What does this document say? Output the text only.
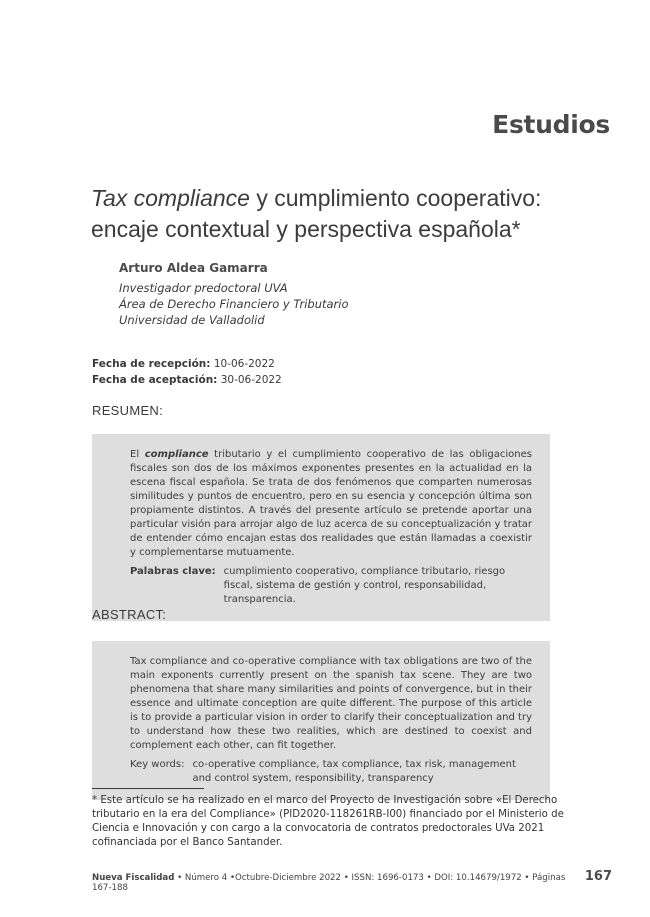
Estudios
Tax compliance y cumplimiento cooperativo:
encaje contextual y perspectiva española*
Arturo Aldea Gamarra
Investigador predoctoral UVA
Área de Derecho Financiero y Tributario
Universidad de Valladolid
Fecha de recepción: 10-06-2022
Fecha de aceptación: 30-06-2022
RESUMEN:

El compliance tributario y el cumplimiento cooperativo de las obligaciones fiscales son dos de los máximos exponentes presentes en la actualidad en la escena fiscal española. Se trata de dos fenómenos que comparten numerosas similitudes y puntos de encuentro, pero en su esencia y concepción última son propiamente distintos. A través del presente artículo se pretende aportar una particular visión para arrojar algo de luz acerca de su conceptualización y tratar de entender cómo encajan estas dos realidades que están llamadas a coexistir y complementarse mutuamente.

Palabras clave: cumplimiento cooperativo, compliance tributario, riesgo fiscal, sistema de gestión y control, responsabilidad, transparencia.
ABSTRACT:

Tax compliance and co-operative compliance with tax obligations are two of the main exponents currently present on the spanish tax scene. They are two phenomena that share many similarities and points of convergence, but in their essence and ultimate conception are quite different. The purpose of this article is to provide a particular vision in order to clarify their conceptualization and try to understand how these two realities, which are destined to coexist and complement each other, can fit together.

Key words: co-operative compliance, tax compliance, tax risk, management and control system, responsibility, transparency
* Este artículo se ha realizado en el marco del Proyecto de Investigación sobre «El Derecho tributario en la era del Compliance» (PID2020-118261RB-I00) financiado por el Ministerio de Ciencia e Innovación y con cargo a la convocatoria de contratos predoctorales UVa 2021 cofinanciada por el Banco Santander.
Nueva Fiscalidad • Número 4 •Octubre-Diciembre 2022 • ISSN: 1696-0173 • DOI: 10.14679/1972 • Páginas 167-188
167
